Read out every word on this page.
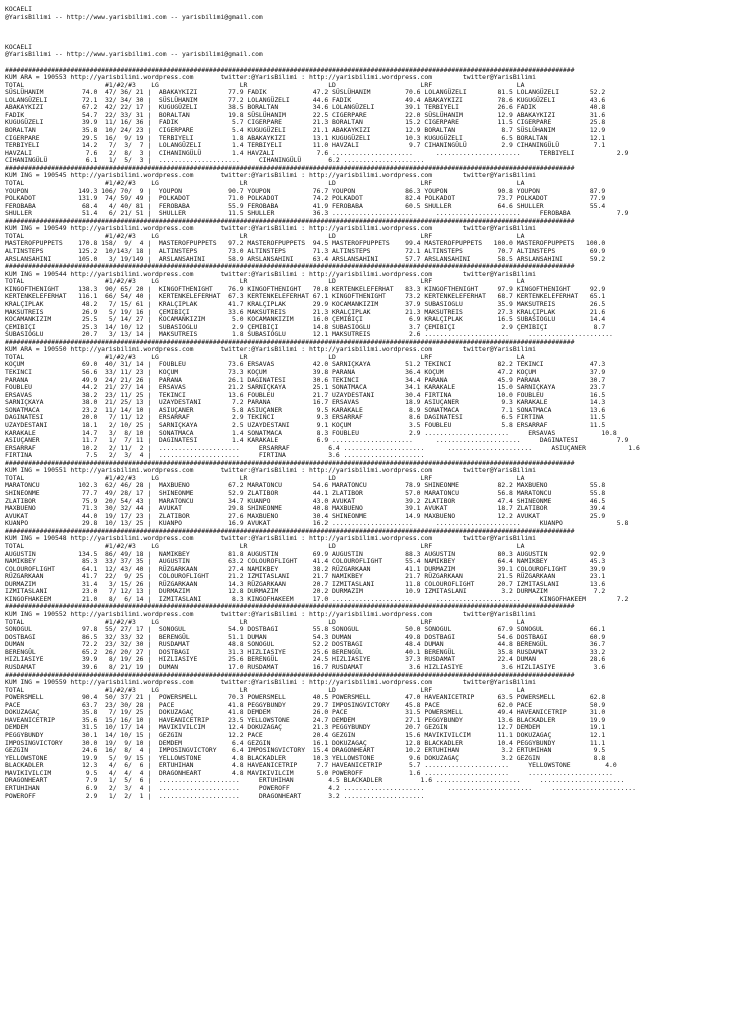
KOCAELI
@YarisBilimi -- http://www.yarisbilimi.com -- yarisbilimi@gmail.com

KOCAELI
@YarisBilimi -- http://www.yarisbilimi.com -- yarisbilimi@gmail.com

####################################################################################################################################################
KUM ARA = 190553 http://yarisbilimi.wordpress.com       twitter:@YarisBilimi : http://yarisbilimi.wordpress.com        twitter@YarisBilimi
TOTAL                     #1/#2/#3    LG                     LR                     LD                      LRF                      LA
SÜSLÜHANIM          74.0  47/ 36/ 21 |  ABAKAYKIZI        77.9 FADIK            47.2 SÜSLÜHANIM         70.6 LOLANGÜZELI        81.5 LOLANGÜZELI        52.2
LOLANGÜZELI         72.1  32/ 34/ 30 |  SÜSLÜHANIM        77.2 LOLANGÜZELI      44.6 FADIK              49.4 ABAKAYKIZI         78.6 KUGUGÜZELI         43.6
ABAKAYKIZI          67.2  42/ 22/ 17 |  KUGUGÜZELI        38.5 BORALTAN         34.6 LOLANGÜZELI        39.1 TERBIYELI          26.6 FADIK              40.8
FADIK               54.7  22/ 33/ 31 |  BORALTAN          19.8 SÜSLÜHANIM       22.5 CIGERPARE          22.0 SÜSLÜHANIM         12.9 ABAKAYKIZI         31.6
KUGUGÜZELI          39.9  11/ 16/ 36 |  FADIK              5.7 CIGERPARE        21.3 BORALTAN           15.2 CIGERPARE          11.5 CIGERPARE          25.8
BORALTAN            35.8  10/ 24/ 23 |  CIGERPARE          5.4 KUGUGÜZELI       21.1 ABAKAYKIZI         12.9 BORALTAN            8.7 SÜSLÜHANIM         12.9
CIGERPARE           29.5  16/  9/ 19 |  TERBIYELI          1.8 ABAKAYKIZI       13.1 KUGUGÜZELI         10.3 KUGUGÜZELI          6.5 BORALTAN           12.1
TERBIYELI           14.2   7/  3/  7 |  LOLANGÜZELI        1.4 TERBIYELI        11.0 HAVZALI             9.7 CIHANINGÜLÜ         2.9 CIHANINGÜLÜ         7.1
HAVZALI              7.6   2/  8/  3 |  CIHANINGÜLÜ        1.4 HAVZALI           7.6 .....................      ......................     TERBIYELI           2.9
CIHANINGÜLÜ          6.1   1/  5/  3 |  .....................     CIHANINGÜLÜ       6.2 .....................
####################################################################################################################################################
KUM ING = 190545 http://yarisbilimi.wordpress.com       twitter:@YarisBilimi : http://yarisbilimi.wordpress.com        twitter@YarisBilimi
TOTAL                     #1/#2/#3    LG                     LR                     LD                      LRF                      LA
YOUPON             149.3 106/ 70/  9 |  YOUPON            90.7 YOUPON           76.7 YOUPON             86.3 YOUPON             90.8 YOUPON             87.9
POLKADOT           131.9  74/ 59/ 49 |  POLKADOT          71.0 POLKADOT         74.2 POLKADOT           82.4 POLKADOT           73.7 POLKADOT           77.9
FEROBABA            68.4   4/ 40/ 81 |  FEROBABA          55.9 FEROBABA         41.9 FEROBABA           60.5 SHULLER            64.6 SHULLER            55.4
SHULLER             51.4   6/ 21/ 51 |  SHULLER           11.5 SHULLER          36.3 .....................      ......................     FEROBABA            7.9
####################################################################################################################################################
KUM ING = 190549 http://yarisbilimi.wordpress.com       twitter:@YarisBilimi : http://yarisbilimi.wordpress.com        twitter@YarisBilimi
TOTAL                     #1/#2/#3    LG                     LR                     LD                      LRF                      LA
MASTEROFPUPPETS    170.8 158/  9/  4 |  MASTEROFPUPPETS   97.2 MASTEROFPUPPETS  94.5 MASTEROFPUPPETS    99.4 MASTEROFPUPPETS   100.0 MASTEROFPUPPETS   100.0
ALTINSTEPS         125.2  10/143/ 18 |  ALTINSTEPS        73.0 ALTINSTEPS       71.3 ALTINSTEPS         72.1 ALTINSTEPS         70.7 ALTINSTEPS         69.9
ARSLANSAHINI       105.0   3/ 19/149 |  ARSLANSAHINI      58.9 ARSLANSAHINI     63.4 ARSLANSAHINI       57.7 ARSLANSAHINI       58.5 ARSLANSAHINI       59.2
####################################################################################################################################################
KUM ING = 190544 http://yarisbilimi.wordpress.com       twitter:@YarisBilimi : http://yarisbilimi.wordpress.com        twitter@YarisBilimi
TOTAL                     #1/#2/#3    LG                     LR                     LD                      LRF                      LA
KINGOFTHENIGHT     138.3  90/ 65/ 20 |  KINGOFTHENIGHT    76.9 KINGOFTHENIGHT   70.8 KERTENKELEFERHAT   83.3 KINGOFTHENIGHT     97.9 KINGOFTHENIGHT     92.9
KERTENKELEFERHAT   116.1  66/ 54/ 40 |  KERTENKELEFERHAT  67.3 KERTENKELEFERHAT 67.1 KINGOFTHENIGHT     73.2 KERTENKELEFERHAT   68.7 KERTENKELEFERHAT   65.1
KRALÇIPLAK          48.2   7/ 15/ 61 |  KRALÇIPLAK        41.7 KRALÇIPLAK       29.9 KOCAMANKIZIM       37.9 SUBASIOGLU         35.9 MAKSUTREIS         26.5
MAKSUTREIS          26.9   5/ 19/ 16 |  ÇEMIBIÇI          33.6 MAKSUTREIS       21.3 KRALÇIPLAK         21.3 MAKSUTREIS         27.3 KRALÇIPLAK         21.6
KOCAMANKIZIM        25.5   5/ 14/ 27 |  KOCAMANKIZIM       5.0 KOCAMANKIZIM     16.0 ÇEMIBIÇI            6.9 KRALÇIPLAK         16.5 SUBASIOGLU         14.4
ÇEMIBIÇI            25.3  14/ 10/ 12 |  SUBASIOGLU         2.9 ÇEMIBIÇI         14.8 SUBASIOGLU          3.7 ÇEMIBIÇI            2.9 ÇEMIBIÇI            8.7
SUBASIOGLU          20.7   3/ 13/ 14 |  MAKSUTREIS         1.8 SUBASIOGLU       12.1 MAKSUTREIS          2.6 ......................     ......................
####################################################################################################################################################
KUM ARA = 190550 http://yarisbilimi.wordpress.com       twitter:@YarisBilimi : http://yarisbilimi.wordpress.com        twitter@YarisBilimi
TOTAL                     #1/#2/#3    LG                     LR                     LD                      LRF                      LA
KOÇUM               69.0  40/ 31/ 14 |  FOUBLEU           73.6 ERSAVAS          42.0 SARNIÇKAYA         51.2 TEKINCI            82.2 TEKINCI            47.3
TEKINCI             56.6  33/ 11/ 23 |  KOÇUM             73.3 KOÇUM            39.8 PARANA             36.4 KOÇUM              47.2 KOÇUM              37.9
PARANA              49.9  24/ 21/ 26 |  PARANA            26.1 DAGINATESI       30.6 TEKINCI            34.4 PARANA             45.9 PARANA             30.7
FOUBLEU             44.2  21/ 27/ 14 |  ERSAVAS           21.2 SARNIÇKAYA       25.1 SONATMACA          34.1 KARAKALE           15.0 SARNIÇKAYA         23.7
ERSAVAS             38.2  23/ 11/ 25 |  TEKINCI           13.6 FOUBLEU          21.7 UZAYDESTANI        30.4 FIRTINA            10.0 FOUBLEU            16.5
SARNIÇKAYA          38.0  21/ 25/ 13 |  UZAYDESTANI        7.2 PARANA           16.7 ERSAVAS            18.9 ASIUÇANER           9.3 KARAKALE           14.3
SONATMACA           23.2  11/ 14/ 10 |  ASIUÇANER          5.8 ASIUÇANER         9.5 KARAKALE            8.9 SONATMACA           7.1 SONATMACA          13.6
DAGINATESI          20.0   7/ 11/ 12 |  ERSARRAF           2.9 TEKINCI           9.3 ERSARRAF            8.6 DAGINATESI          6.5 FIRTINA            11.5
UZAYDESTANI         18.1   2/ 10/ 25 |  SARNIÇKAYA         2.5 UZAYDESTANI       9.1 KOÇUM               3.5 FOUBLEU             5.8 ERSARRAF           11.5
KARAKALE            14.7   3/  8/ 10 |  SONATMACA          1.4 SONATMACA         8.3 FOUBLEU             2.9 ......................     ERSAVAS            10.8
ASIUÇANER           11.7   1/  7/ 11 |  DAGINATESI         1.4 KARAKALE          6.9 .....................      ......................     DAGINATESI          7.9
ERSARRAF            10.2   2/ 11/  2 |  .....................     ERSARRAF          6.4 .....................      ......................     ASIUÇANER           1.6
FIRTINA              7.5   2/  3/  4 |  .....................     FIRTINA           3.6 .....................
####################################################################################################################################################
KUM ING = 190551 http://yarisbilimi.wordpress.com       twitter:@YarisBilimi : http://yarisbilimi.wordpress.com        twitter@YarisBilimi
TOTAL                     #1/#2/#3    LG                     LR                     LD                      LRF                      LA
MARATONCU          102.3  62/ 46/ 28 |  MAXBUENO          67.2 MARATONCU        54.6 MARATONCU          78.9 SHINEONME          82.2 MAXBUENO           55.8
SHINEONME           77.7  49/ 28/ 17 |  SHINEONME         52.9 ZLATIBOR         44.1 ZLATIBOR           57.0 MARATONCU          56.8 MARATONCU          55.8
ZLATIBOR            75.9  20/ 54/ 43 |  MARATONCU         34.7 KUANPO           43.0 AVUKAT             39.2 ZLATIBOR           47.4 SHINEONME          46.5
MAXBUENO            71.3  30/ 32/ 44 |  AVUKAT            29.8 SHINEONME        40.8 MAXBUENO           39.1 AVUKAT             18.7 ZLATIBOR           39.4
AVUKAT              44.0  19/ 17/ 23 |  ZLATIBOR          27.6 MAXBUENO         30.4 SHINEONME          14.9 MAXBUENO           12.2 AVUKAT             25.9
KUANPO              29.8  10/ 13/ 25 |  KUANPO            16.9 AVUKAT           16.2 .....................      ......................     KUANPO              5.8
####################################################################################################################################################
KUM ING = 190548 http://yarisbilimi.wordpress.com       twitter:@YarisBilimi : http://yarisbilimi.wordpress.com        twitter@YarisBilimi
TOTAL                     #1/#2/#3    LG                     LR                     LD                      LRF                      LA
AUGUSTIN           134.5  86/ 49/ 18 |  NAMIKBEY          81.8 AUGUSTIN         69.9 AUGUSTIN           88.3 AUGUSTIN           80.3 AUGUSTIN           92.9
NAMIKBEY            85.3  33/ 37/ 35 |  AUGUSTIN          63.2 COLOUROFLIGHT    41.4 COLOUROFLIGHT      55.4 NAMIKBEY           64.4 NAMIKBEY           45.3
COLOUROFLIGHT       64.1  12/ 43/ 40 |  RÜZGARKAAN        27.4 NAMIKBEY         38.2 RÜZGARKAAN         41.1 DURMAZIM           39.1 COLOUROFLIGHT      39.9
RÜZGARKAAN          41.7  22/  9/ 25 |  COLOUROFLIGHT     21.2 IZMITASLANI      21.7 NAMIKBEY           21.7 RÜZGARKAAN         21.5 RÜZGARKAAN         23.1
DURMAZIM            31.4   3/ 15/ 26 |  RÜZGARKAAN        14.3 RÜZGARKAAN       20.7 IZMITASLANI        11.8 COLOUROFLIGHT      20.7 IZMITASLANI        13.6
IZMITASLANI         23.0   7/ 12/ 13 |  DURMAZIM          12.8 DURMAZIM         20.2 DURMAZIM           10.9 IZMITASLANI         3.2 DURMAZIM            7.2
KINGOFHAKEEM        21.0   8/  6/ 14 |  IZMITASLANI        8.3 KINGOFHAKEEM     17.0 .....................      ......................     KINGOFHAKEEM        7.2
####################################################################################################################################################
KUM ING = 190552 http://yarisbilimi.wordpress.com       twitter:@YarisBilimi : http://yarisbilimi.wordpress.com        twitter@YarisBilimi
TOTAL                     #1/#2/#3    LG                     LR                     LD                      LRF                      LA
SONOGUL             97.8  55/ 27/ 17 |  SONOGUL           54.9 DOSTBAGI         55.8 SONOGUL            50.0 SONOGUL            67.9 SONOGUL            66.1
DOSTBAGI            86.5  32/ 33/ 32 |  BERENGÜL          51.1 DUMAN            54.3 DUMAN              49.8 DOSTBAGI           54.6 DOSTBAGI           60.9
DUMAN               72.2  23/ 32/ 30 |  RUSDAMAT          48.8 SONOGUL          52.2 DOSTBAGI           48.4 DUMAN              44.8 BERENGÜL           36.7
BERENGÜL            65.2  26/ 20/ 27 |  DOSTBAGI          31.3 HIZLIASIYE       25.6 BERENGÜL           40.1 BERENGÜL           35.8 RUSDAMAT           33.2
HIZLIASIYE          39.9   8/ 19/ 26 |  HIZLIASIYE        25.6 BERENGÜL         24.5 HIZLIASIYE         37.3 RUSDAMAT           22.4 DUMAN              28.6
RUSDAMAT            39.6   8/ 21/ 19 |  DUMAN             17.0 RUSDAMAT         16.7 RUSDAMAT            3.6 HIZLIASIYE          3.6 HIZLIASIYE          3.6
####################################################################################################################################################
KUM ING = 190559 http://yarisbilimi.wordpress.com       twitter:@YarisBilimi : http://yarisbilimi.wordpress.com        twitter@YarisBilimi
TOTAL                     #1/#2/#3    LG                     LR                     LD                      LRF                      LA
POWERSMELL          90.4  50/ 37/ 21 |  POWERSMELL        70.3 POWERSMELL       40.5 POWERSMELL         47.0 HAVEANICETRIP      63.5 POWERSMELL         62.8
PACE                63.7  23/ 30/ 28 |  PACE              41.8 PEGGYBUNDY       29.7 IMPOSINGVICTORY    45.8 PACE               62.0 PACE               50.9
DOKUZAGAÇ           35.8   7/ 19/ 25 |  DOKUZAGAÇ         41.8 DEMDEM           26.0 PACE               31.5 POWERSMELL         49.4 HAVEANICETRIP      31.0
HAVEANICETRIP       35.6  15/ 16/ 10 |  HAVEANICETRIP     23.5 YELLOWSTONE      24.7 DEMDEM             27.1 PEGGYBUNDY         13.6 BLACKADLER         19.9
DEMDEM              31.5  10/ 17/ 14 |  MAVIKIVILCIM      12.4 DOKUZAGAÇ        21.3 PEGGYBUNDY         20.7 GEZGIN             12.7 DEMDEM             19.1
PEGGYBUNDY          30.1  14/ 10/ 15 |  GEZGIN            12.2 PACE             20.4 GEZGIN             15.6 MAVIKIVILCIM       11.1 DOKUZAGAÇ          12.1
IMPOSINGVICTORY     30.0  19/  9/ 10 |  DEMDEM             6.4 GEZGIN           16.1 DOKUZAGAÇ          12.8 BLACKADLER         10.4 PEGGYBUNDY         11.1
GEZGIN              24.6  16/  8/  4 |  IMPOSINGVICTORY    6.4 IMPOSINGVICTORY  15.4 DRAGONHEART        10.2 ERTUHIHAN           3.2 ERTUHIHAN           9.5
YELLOWSTONE         19.9   5/  9/ 15 |  YELLOWSTONE        4.8 BLACKADLER       10.3 YELLOWSTONE         9.6 DOKUZAGAÇ           3.2 GEZGIN              8.8
BLACKADLER          12.3   4/  6/  6 |  ERTUHIHAN          4.8 HAVEANICETRIP     7.7 HAVEANICETRIP       5.7 ......................     YELLOWSTONE         4.0
MAVIKIVILCIM         9.5   4/  4/  4 |  DRAGONHEART        4.8 MAVIKIVILCIM      5.0 POWEROFF            1.6 ......................     ......................
DRAGONHEART          7.9   1/  5/  6 |  .....................     ERTUHIHAN         4.5 BLACKADLER          1.6 ......................     ......................
ERTUHIHAN            6.9   2/  3/  4 |  .....................     POWEROFF          4.2 .....................      ......................     ......................
POWEROFF             2.9   1/  2/  1 |  .....................     DRAGONHEART       3.2 .....................
